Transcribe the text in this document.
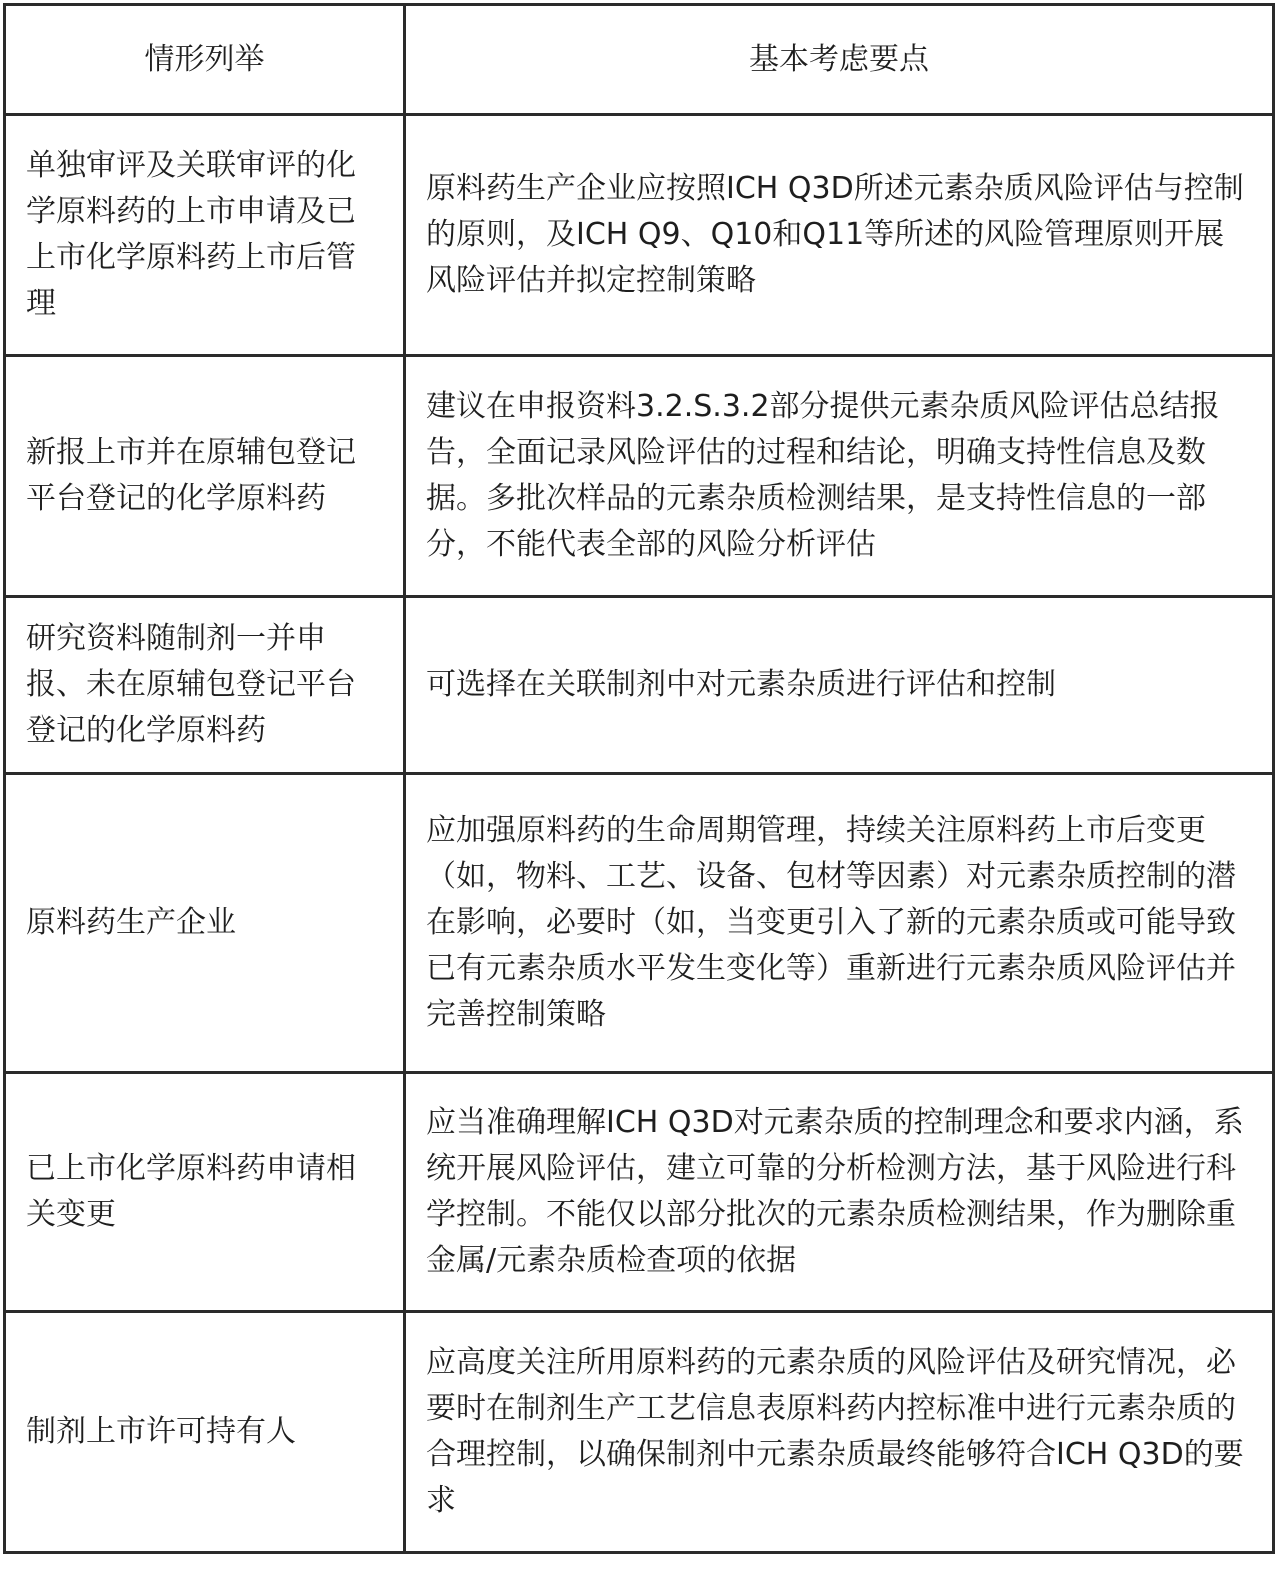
情形列举	基本考虑要点
单独审评及关联审评的化学原料药的上市申请及已上市化学原料药上市后管理	原料药生产企业应按照ICH Q3D所述元素杂质风险评估与控制的原则，及ICH Q9、Q10和Q11等所述的风险管理原则开展风险评估并拟定控制策略
新报上市并在原辅包登记平台登记的化学原料药	建议在申报资料3.2.S.3.2部分提供元素杂质风险评估总结报告，全面记录风险评估的过程和结论，明确支持性信息及数据。多批次样品的元素杂质检测结果，是支持性信息的一部分，不能代表全部的风险分析评估
研究资料随制剂一并申报、未在原辅包登记平台登记的化学原料药	可选择在关联制剂中对元素杂质进行评估和控制
原料药生产企业	应加强原料药的生命周期管理，持续关注原料药上市后变更（如，物料、工艺、设备、包材等因素）对元素杂质控制的潜在影响，必要时（如，当变更引入了新的元素杂质或可能导致已有元素杂质水平发生变化等）重新进行元素杂质风险评估并完善控制策略
已上市化学原料药申请相关变更	应当准确理解ICH Q3D对元素杂质的控制理念和要求内涵，系统开展风险评估，建立可靠的分析检测方法，基于风险进行科学控制。不能仅以部分批次的元素杂质检测结果，作为删除重金属/元素杂质检查项的依据
制剂上市许可持有人	应高度关注所用原料药的元素杂质的风险评估及研究情况，必要时在制剂生产工艺信息表原料药内控标准中进行元素杂质的合理控制，以确保制剂中元素杂质最终能够符合ICH Q3D的要求
